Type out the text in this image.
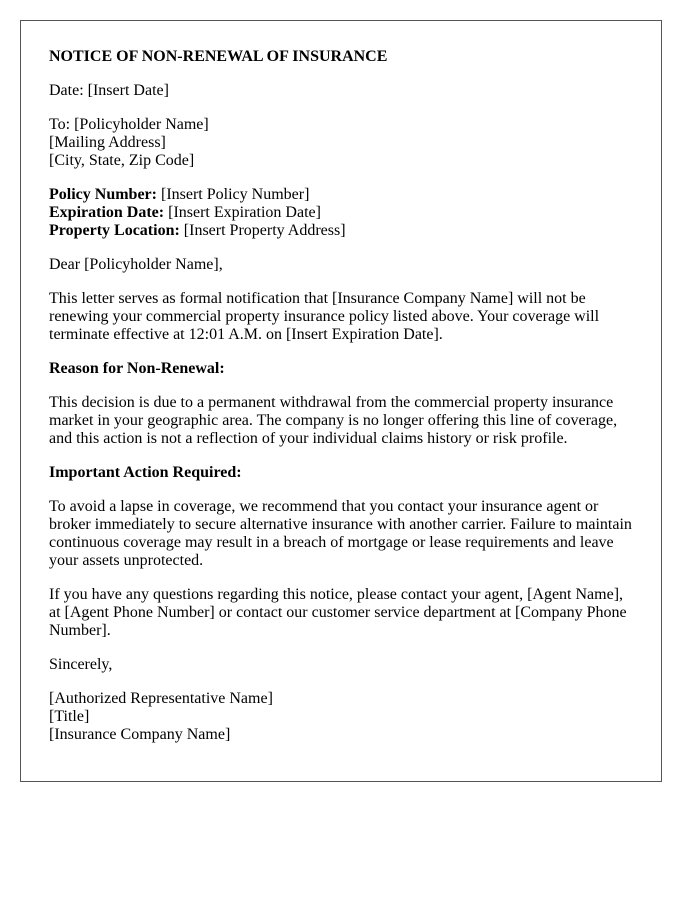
NOTICE OF NON-RENEWAL OF INSURANCE

Date: [Insert Date]

To: [Policyholder Name]
[Mailing Address]
[City, State, Zip Code]

Policy Number: [Insert Policy Number]
Expiration Date: [Insert Expiration Date]
Property Location: [Insert Property Address]

Dear [Policyholder Name],

This letter serves as formal notification that [Insurance Company Name] will not be renewing your commercial property insurance policy listed above. Your coverage will terminate effective at 12:01 A.M. on [Insert Expiration Date].

Reason for Non-Renewal:

This decision is due to a permanent withdrawal from the commercial property insurance market in your geographic area. The company is no longer offering this line of coverage, and this action is not a reflection of your individual claims history or risk profile.

Important Action Required:

To avoid a lapse in coverage, we recommend that you contact your insurance agent or broker immediately to secure alternative insurance with another carrier. Failure to maintain continuous coverage may result in a breach of mortgage or lease requirements and leave your assets unprotected.

If you have any questions regarding this notice, please contact your agent, [Agent Name], at [Agent Phone Number] or contact our customer service department at [Company Phone Number].

Sincerely,

[Authorized Representative Name]
[Title]
[Insurance Company Name]
